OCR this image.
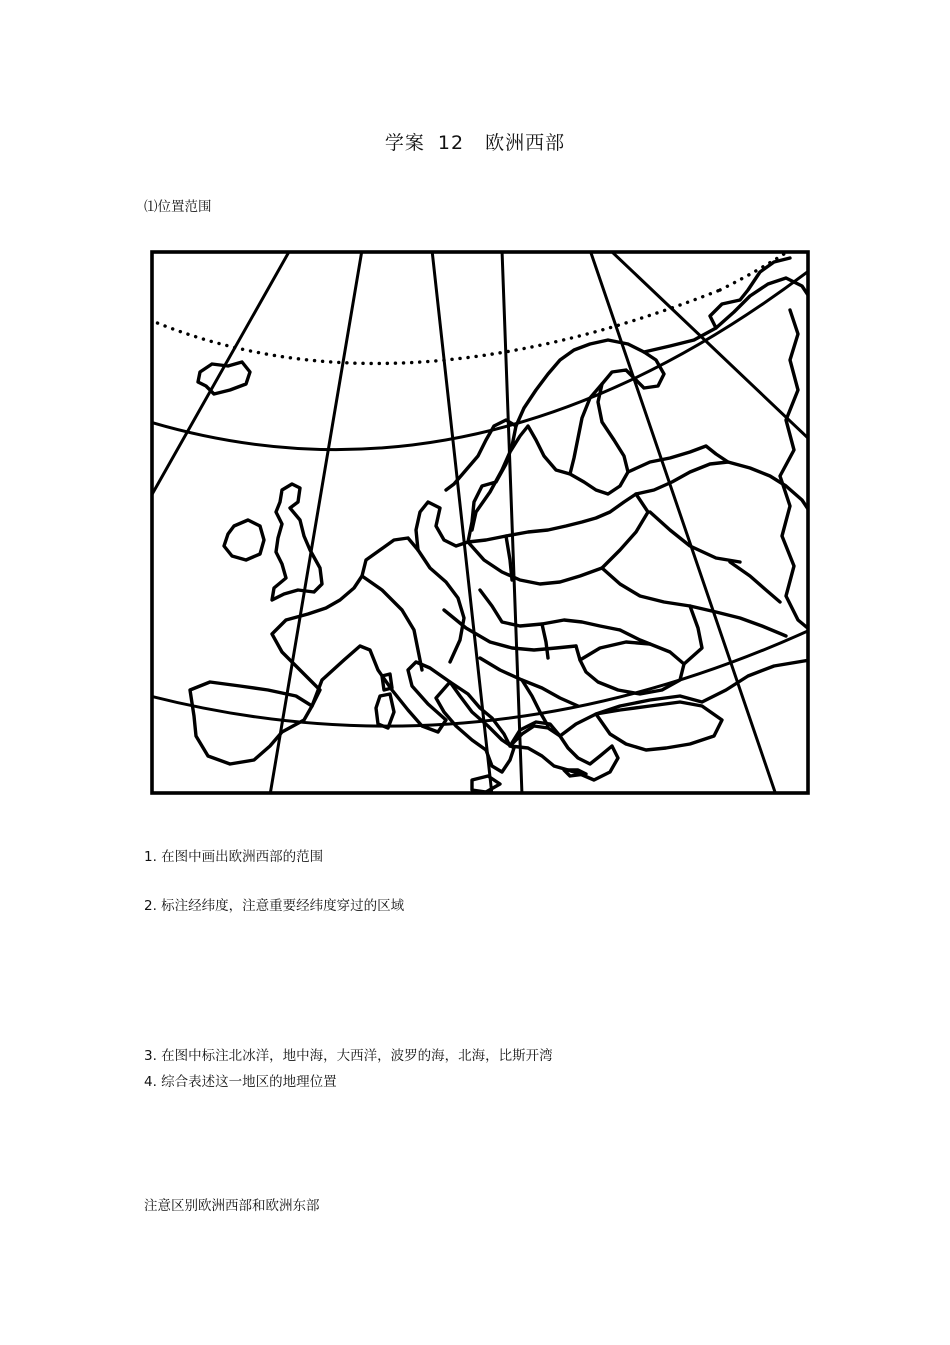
学案 12 欧洲西部
⑴位置范围
1. 在图中画出欧洲西部的范围
2. 标注经纬度，注意重要经纬度穿过的区域
3. 在图中标注北冰洋，地中海，大西洋，波罗的海，北海，比斯开湾
4. 综合表述这一地区的地理位置
注意区别欧洲西部和欧洲东部
